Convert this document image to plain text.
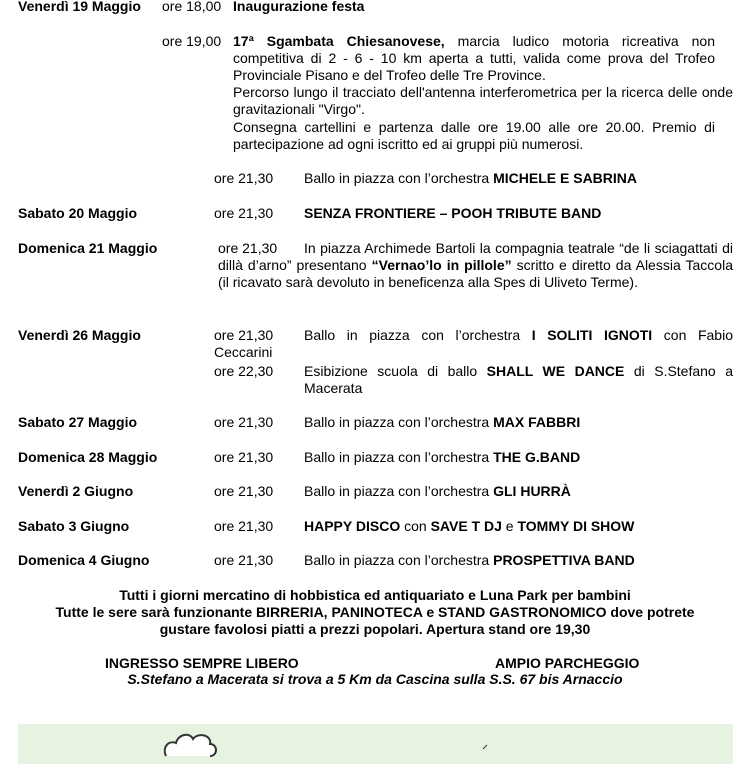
Venerdì 19 Maggio ore 18,00 Inaugurazione festa
ore 19,00 17ª Sgambata Chiesanovese, marcia ludico motoria ricreativa non competitiva di 2 - 6 - 10 km aperta a tutti, valida come prova del Trofeo Provinciale Pisano e del Trofeo delle Tre Province.
Percorso lungo il tracciato dell'antenna interferometrica per la ricerca delle onde gravitazionali "Virgo".
Consegna cartellini e partenza dalle ore 19.00 alle ore 20.00. Premio di partecipazione ad ogni iscritto ed ai gruppi più numerosi.
ore 21,30 Ballo in piazza con l’orchestra MICHELE E SABRINA
Sabato 20 Maggio	ore 21,30 SENZA FRONTIERE – POOH TRIBUTE BAND
Domenica 21 Maggio	ore 21,30	In piazza Archimede Bartoli la compagnia teatrale “de li sciagattati di dillà d’arno” presentano “Vernao’lo in pillole” scritto e diretto da Alessia Taccola (il ricavato sarà devoluto in beneficenza alla Spes di Uliveto Terme).
Venerdì 26 Maggio	ore 21,30 Ballo in piazza con l’orchestra I SOLITI IGNOTI con Fabio
Ceccarini
ore 22,30 Esibizione scuola di ballo SHALL WE DANCE di S.Stefano a Macerata
Sabato 27 Maggio	ore 21,30 Ballo in piazza con l’orchestra MAX FABBRI
Domenica 28 Maggio	ore 21,30 Ballo in piazza con l’orchestra THE G.BAND
Venerdì 2 Giugno	ore 21,30 Ballo in piazza con l’orchestra GLI HURRÀ
Sabato 3 Giugno	ore 21,30 HAPPY DISCO con SAVE T DJ e TOMMY DI SHOW
Domenica 4 Giugno	ore 21,30 Ballo in piazza con l’orchestra PROSPETTIVA BAND
Tutti i giorni mercatino di hobbistica ed antiquariato e Luna Park per bambini
Tutte le sere sarà funzionante BIRRERIA, PANINOTECA e STAND GASTRONOMICO dove potrete
gustare favolosi piatti a prezzi popolari. Apertura stand ore 19,30
INGRESSO SEMPRE LIBERO	AMPIO PARCHEGGIO
S.Stefano a Macerata si trova a 5 Km da Cascina sulla S.S. 67 bis Arnaccio
